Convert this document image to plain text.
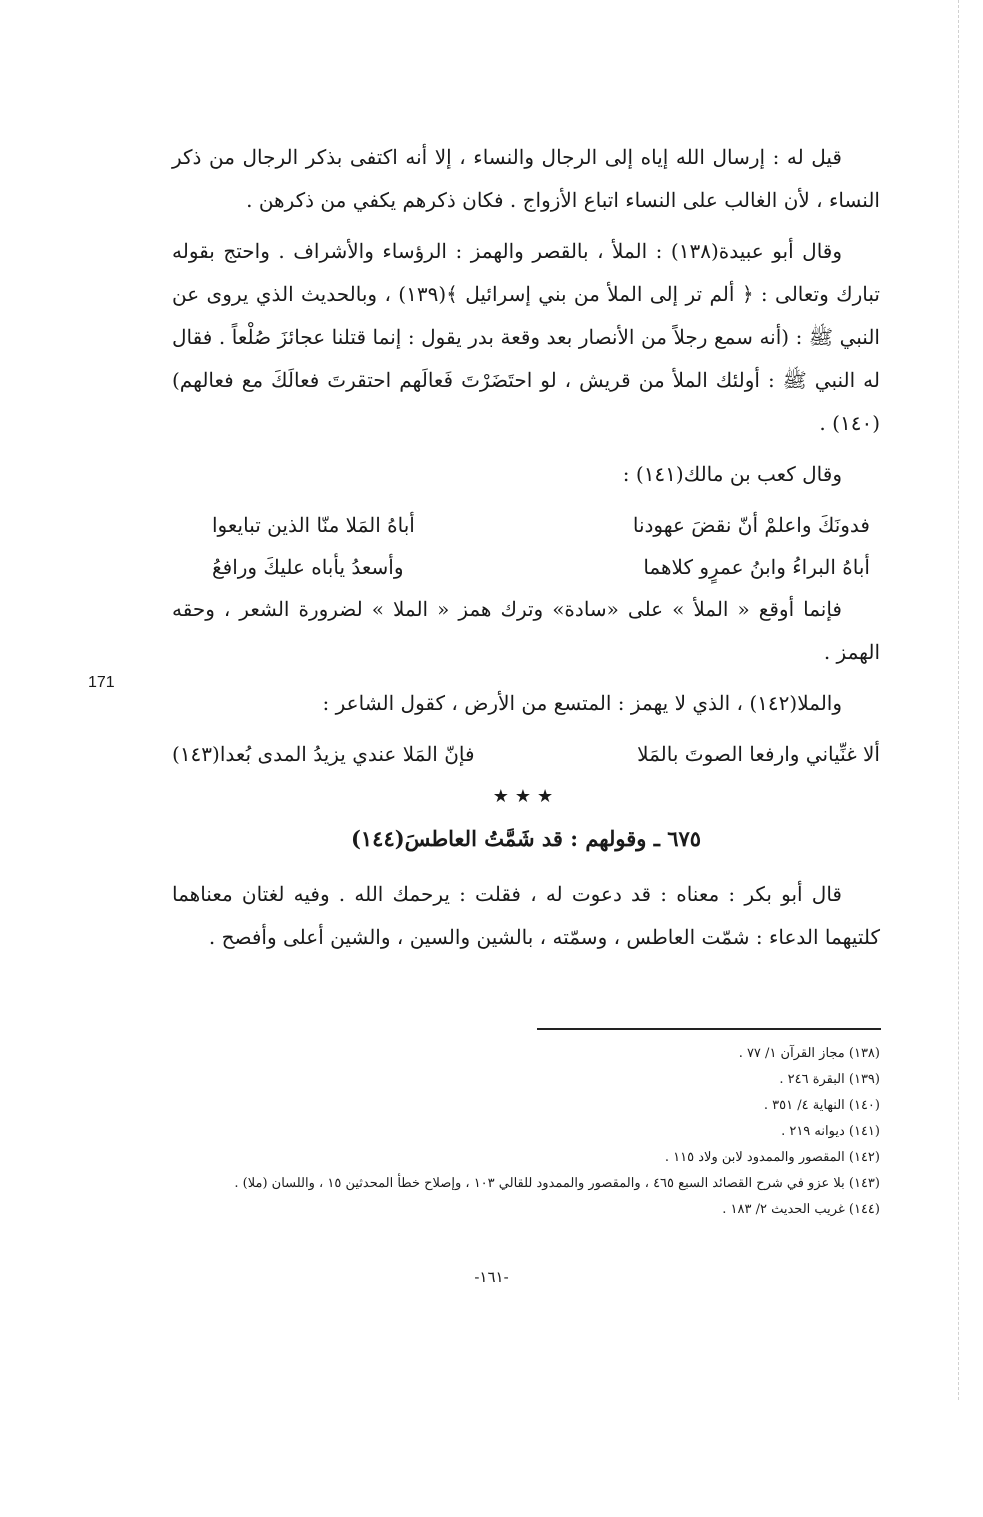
171

قيل له : إرسال الله إياه إلى الرجال والنساء ، إلا أنه اكتفى بذكر الرجال من ذكر النساء ، لأن الغالب على النساء اتباع الأزواج . فكان ذكرهم يكفي من ذكرهن .

وقال أبو عبيدة(١٣٨) : الملأ ، بالقصر والهمز : الرؤساء والأشراف . واحتج بقوله تبارك وتعالى : ﴿ ألم تر إلى الملأ من بني إسرائيل ﴾(١٣٩) ، وبالحديث الذي يروى عن النبي ﷺ : (أنه سمع رجلاً من الأنصار بعد وقعة بدر يقول : إنما قتلنا عجائزَ صُلْعاً . فقال له النبي ﷺ : أولئك الملأ من قريش ، لو احتَضَرْتَ فَعالَهم احتقرتَ فعالَكَ مع فعالهم)(١٤٠) .

وقال كعب بن مالك(١٤١) :

فدونَكَ واعلمْ أنّ نقضَ عهودنا
أباهُ المَلا منّا الذين تبايعوا
أباهُ البراءُ وابنُ عمرٍو كلاهما
وأسعدُ يأباه عليكَ ورافعُ

فإنما أوقع « الملأ » على «سادة» وترك همز « الملا » لضرورة الشعر ، وحقه الهمز .

والملا(١٤٢) ، الذي لا يهمز : المتسع من الأرض ، كقول الشاعر :

ألا غنِّياني وارفعا الصوتَ بالمَلا
فإنّ المَلا عندي يزيدُ المدى بُعدا(١٤٣)
★★★
٦٧٥ ـ وقولهم : قد شَمَّتُ العاطسَ(١٤٤)

قال أبو بكر : معناه : قد دعوت له ، فقلت : يرحمك الله . وفيه لغتان معناهما كلتيهما الدعاء : شمّت العاطس ، وسمّته ، بالشين والسين ، والشين أعلى وأفصح .

(١٣٨) مجاز القرآن ١/ ٧٧ .

(١٣٩) البقرة ٢٤٦ .

(١٤٠) النهاية ٤/ ٣٥١ .

(١٤١) ديوانه ٢١٩ .

(١٤٢) المقصور والممدود لابن ولاد ١١٥ .

(١٤٣) بلا عزو في شرح القصائد السبع ٤٦٥ ، والمقصور والممدود للقالي ١٠٣ ، وإصلاح خطأ المحدثين ١٥ ، واللسان (ملا) .

(١٤٤) غريب الحديث ٢/ ١٨٣ .

-١٦١-
